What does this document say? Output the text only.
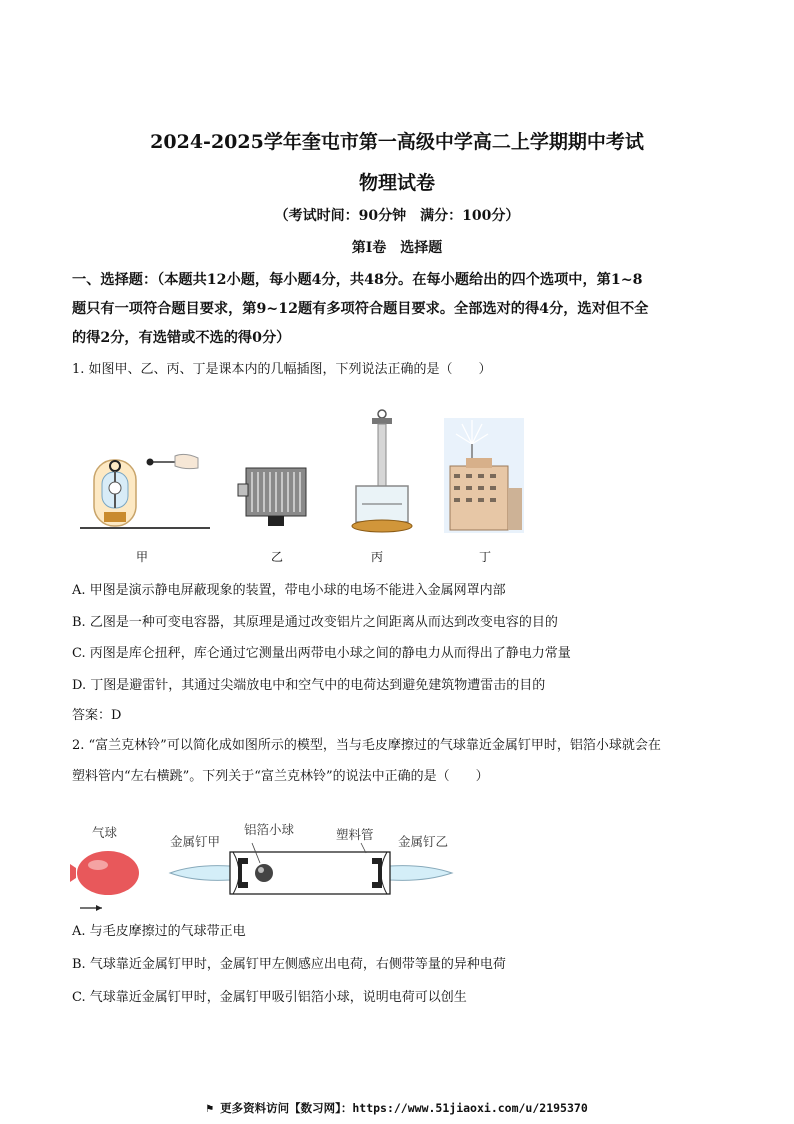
2024-2025学年奎屯市第一高级中学高二上学期期中考试
物理试卷
（考试时间：90分钟　满分：100分）
第Ⅰ卷　选择题
一、选择题：（本题共12小题，每小题4分，共48分。在每小题给出的四个选项中，第1~8
题只有一项符合题目要求，第9~12题有多项符合题目要求。全部选对的得4分，选对但不全
的得2分，有选错或不选的得0分）
1. 如图甲、乙、丙、丁是课本内的几幅插图，下列说法正确的是（　　）
甲	乙	丙	丁
A. 甲图是演示静电屏蔽现象的装置，带电小球的电场不能进入金属网罩内部
B. 乙图是一种可变电容器，其原理是通过改变铝片之间距离从而达到改变电容的目的
C. 丙图是库仑扭秤，库仑通过它测量出两带电小球之间的静电力从而得出了静电力常量
D. 丁图是避雷针，其通过尖端放电中和空气中的电荷达到避免建筑物遭雷击的目的
答案：D
2. “富兰克林铃”可以简化成如图所示的模型，当与毛皮摩擦过的气球靠近金属钉甲时，铝箔小球就会在
塑料管内“左右横跳”。下列关于“富兰克林铃”的说法中正确的是（　　）
气球
金属钉甲
铝箔小球	塑料管 金属钉乙
A. 与毛皮摩擦过的气球带正电
B. 气球靠近金属钉甲时，金属钉甲左侧感应出电荷，右侧带等量的异种电荷
C. 气球靠近金属钉甲时，金属钉甲吸引铝箔小球，说明电荷可以创生
⚑ 更多资料访问【数习网】：https://www.51jiaoxi.com/u/2195370
